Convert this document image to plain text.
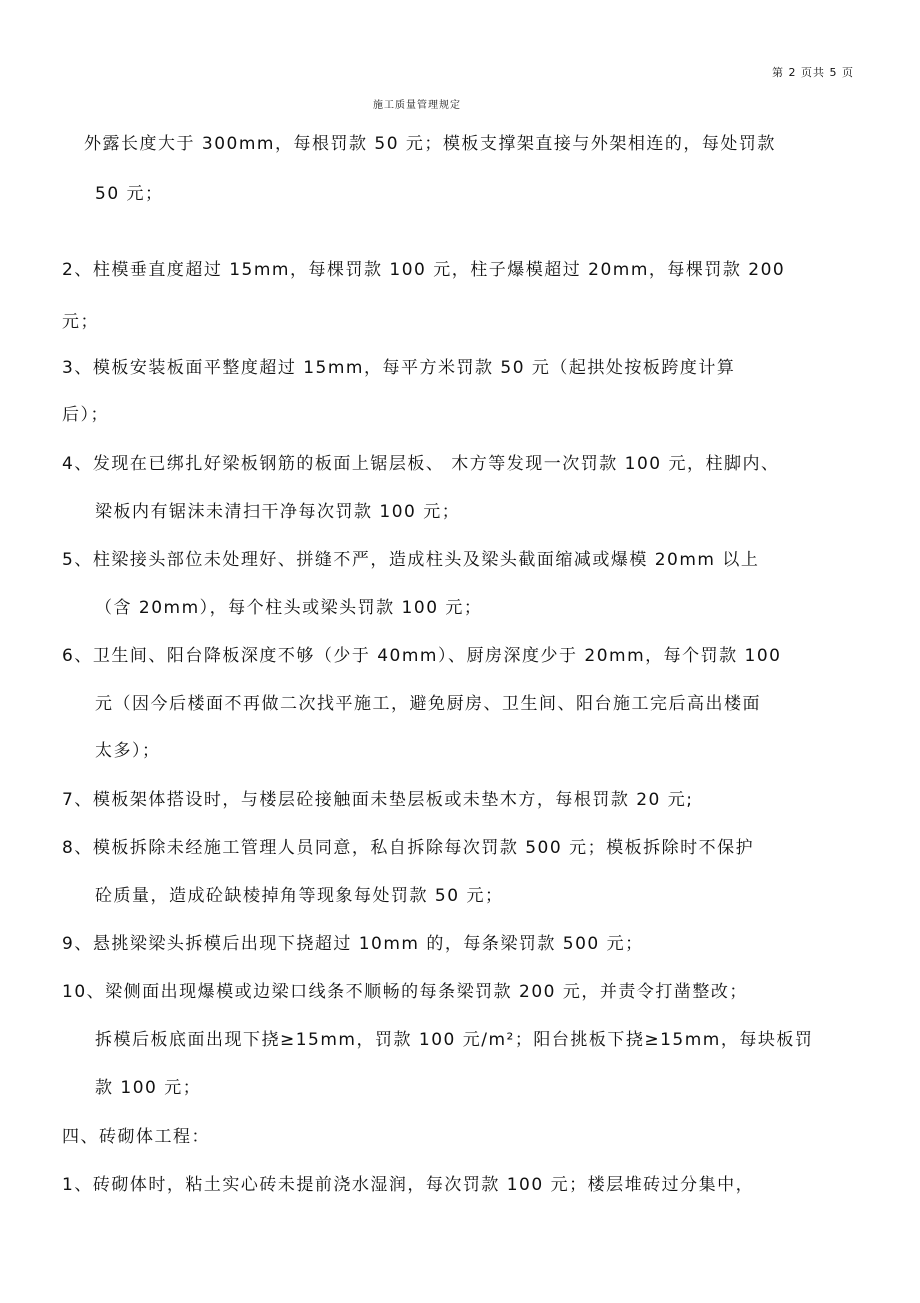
第 2 页共 5 页
施工质量管理规定
外露长度大于 300mm，每根罚款 50 元；模板支撑架直接与外架相连的，每处罚款
50 元；
2、柱模垂直度超过 15mm，每棵罚款 100 元，柱子爆模超过 20mm，每棵罚款 200
元；
3、模板安装板面平整度超过 15mm，每平方米罚款 50 元（起拱处按板跨度计算
后）；
4、发现在已绑扎好梁板钢筋的板面上锯层板、 木方等发现一次罚款 100 元，柱脚内、
梁板内有锯沫未清扫干净每次罚款 100 元；
5、柱梁接头部位未处理好、拼缝不严，造成柱头及梁头截面缩减或爆模 20mm 以上
（含 20mm），每个柱头或梁头罚款 100 元；
6、卫生间、阳台降板深度不够（少于 40mm）、厨房深度少于 20mm，每个罚款 100
元（因今后楼面不再做二次找平施工，避免厨房、卫生间、阳台施工完后高出楼面
太多）；
7、模板架体搭设时，与楼层砼接触面未垫层板或未垫木方，每根罚款 20 元;
8、模板拆除未经施工管理人员同意，私自拆除每次罚款 500 元；模板拆除时不保护
砼质量，造成砼缺棱掉角等现象每处罚款 50 元；
9、悬挑梁梁头拆模后出现下挠超过 10mm 的，每条梁罚款 500 元；
10、梁侧面出现爆模或边梁口线条不顺畅的每条梁罚款 200 元，并责令打凿整改；
拆模后板底面出现下挠≥15mm，罚款 100 元/m²；阳台挑板下挠≥15mm，每块板罚
款 100 元；
四、砖砌体工程：
1、砖砌体时，粘土实心砖未提前浇水湿润，每次罚款 100 元；楼层堆砖过分集中，
